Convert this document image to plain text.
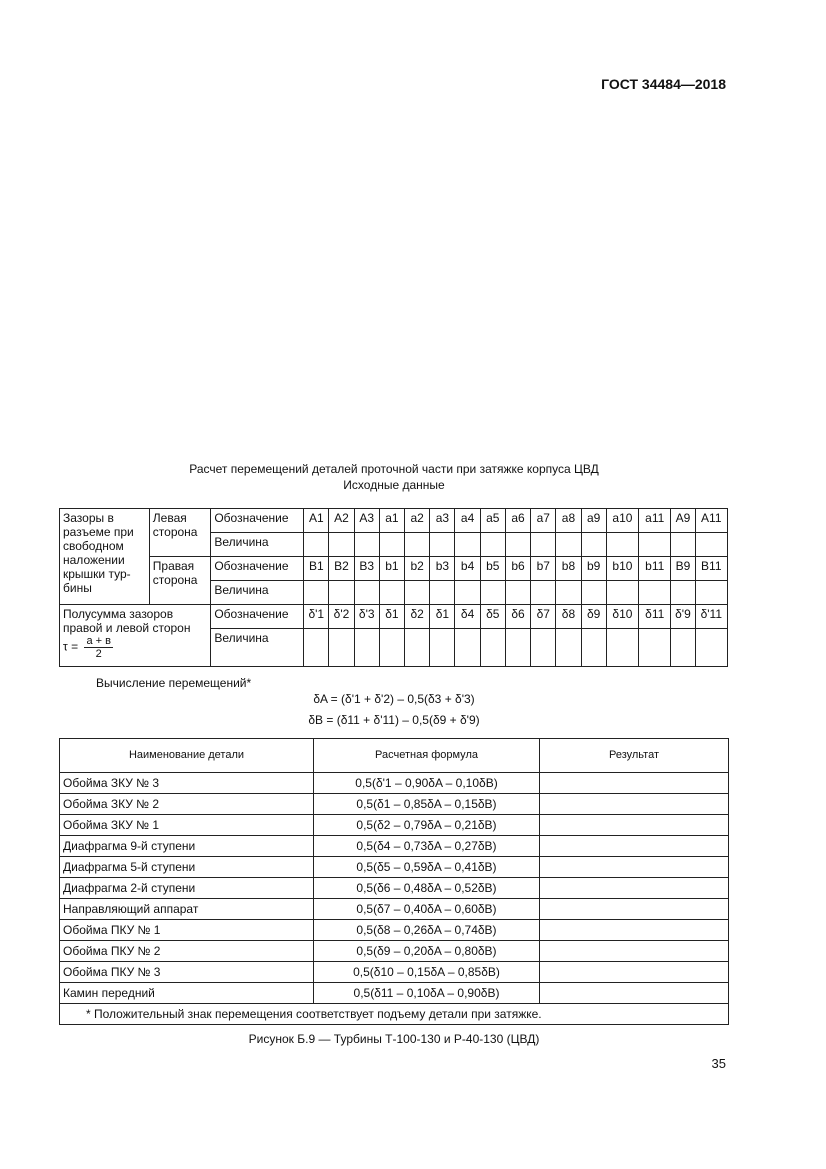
ГОСТ 34484—2018
Расчет перемещений деталей проточной части при затяжке корпуса ЦВД
Исходные данные
Зазоры в разъеме при свободном наложении крышки тур-бины	Левая сторона	Обозначение	A1	A2	A3	a1	a2	a3	a4	a5	a6	a7	a8	a9	a10	a11	A9	A11
		Величина																
	Правая сторона	Обозначение	B1	B2	B3	b1	b2	b3	b4	b5	b6	b7	b8	b9	b10	b11	B9	B11
		Величина																
Полусумма зазоров правой и левой сторон
$\tau = \frac{а + в}{2}$		Обозначение	δ'1	δ'2	δ'3	δ1	δ2	δ1	δ4	δ5	δ6	δ7	δ8	δ9	δ10	δ11	δ'9	δ'11
		Величина																
Вычисление перемещений*
δA = (δ'1 + δ'2) – 0,5(δ3 + δ'3)
δB = (δ11 + δ'11) – 0,5(δ9 + δ'9)
Наименование детали	Расчетная формула	Результат
Обойма ЗКУ № 3	0,5(δ'1 – 0,90δA – 0,10δB)	
Обойма ЗКУ № 2	0,5(δ1 – 0,85δA – 0,15δB)	
Обойма ЗКУ № 1	0,5(δ2 – 0,79δA – 0,21δB)	
Диафрагма 9-й ступени	0,5(δ4 – 0,73δA – 0,27δB)	
Диафрагма 5-й ступени	0,5(δ5 – 0,59δA – 0,41δB)	
Диафрагма 2-й ступени	0,5(δ6 – 0,48δA – 0,52δB)	
Направляющий аппарат	0,5(δ7 – 0,40δA – 0,60δB)	
Обойма ПКУ № 1	0,5(δ8 – 0,26δA – 0,74δB)	
Обойма ПКУ № 2	0,5(δ9 – 0,20δA – 0,80δB)	
Обойма ПКУ № 3	0,5(δ10 – 0,15δA – 0,85δB)	
Камин передний	0,5(δ11 – 0,10δA – 0,90δB)	
* Положительный знак перемещения соответствует подъему детали при затяжке.		
Рисунок Б.9 — Турбины Т-100-130 и Р-40-130 (ЦВД)
35
